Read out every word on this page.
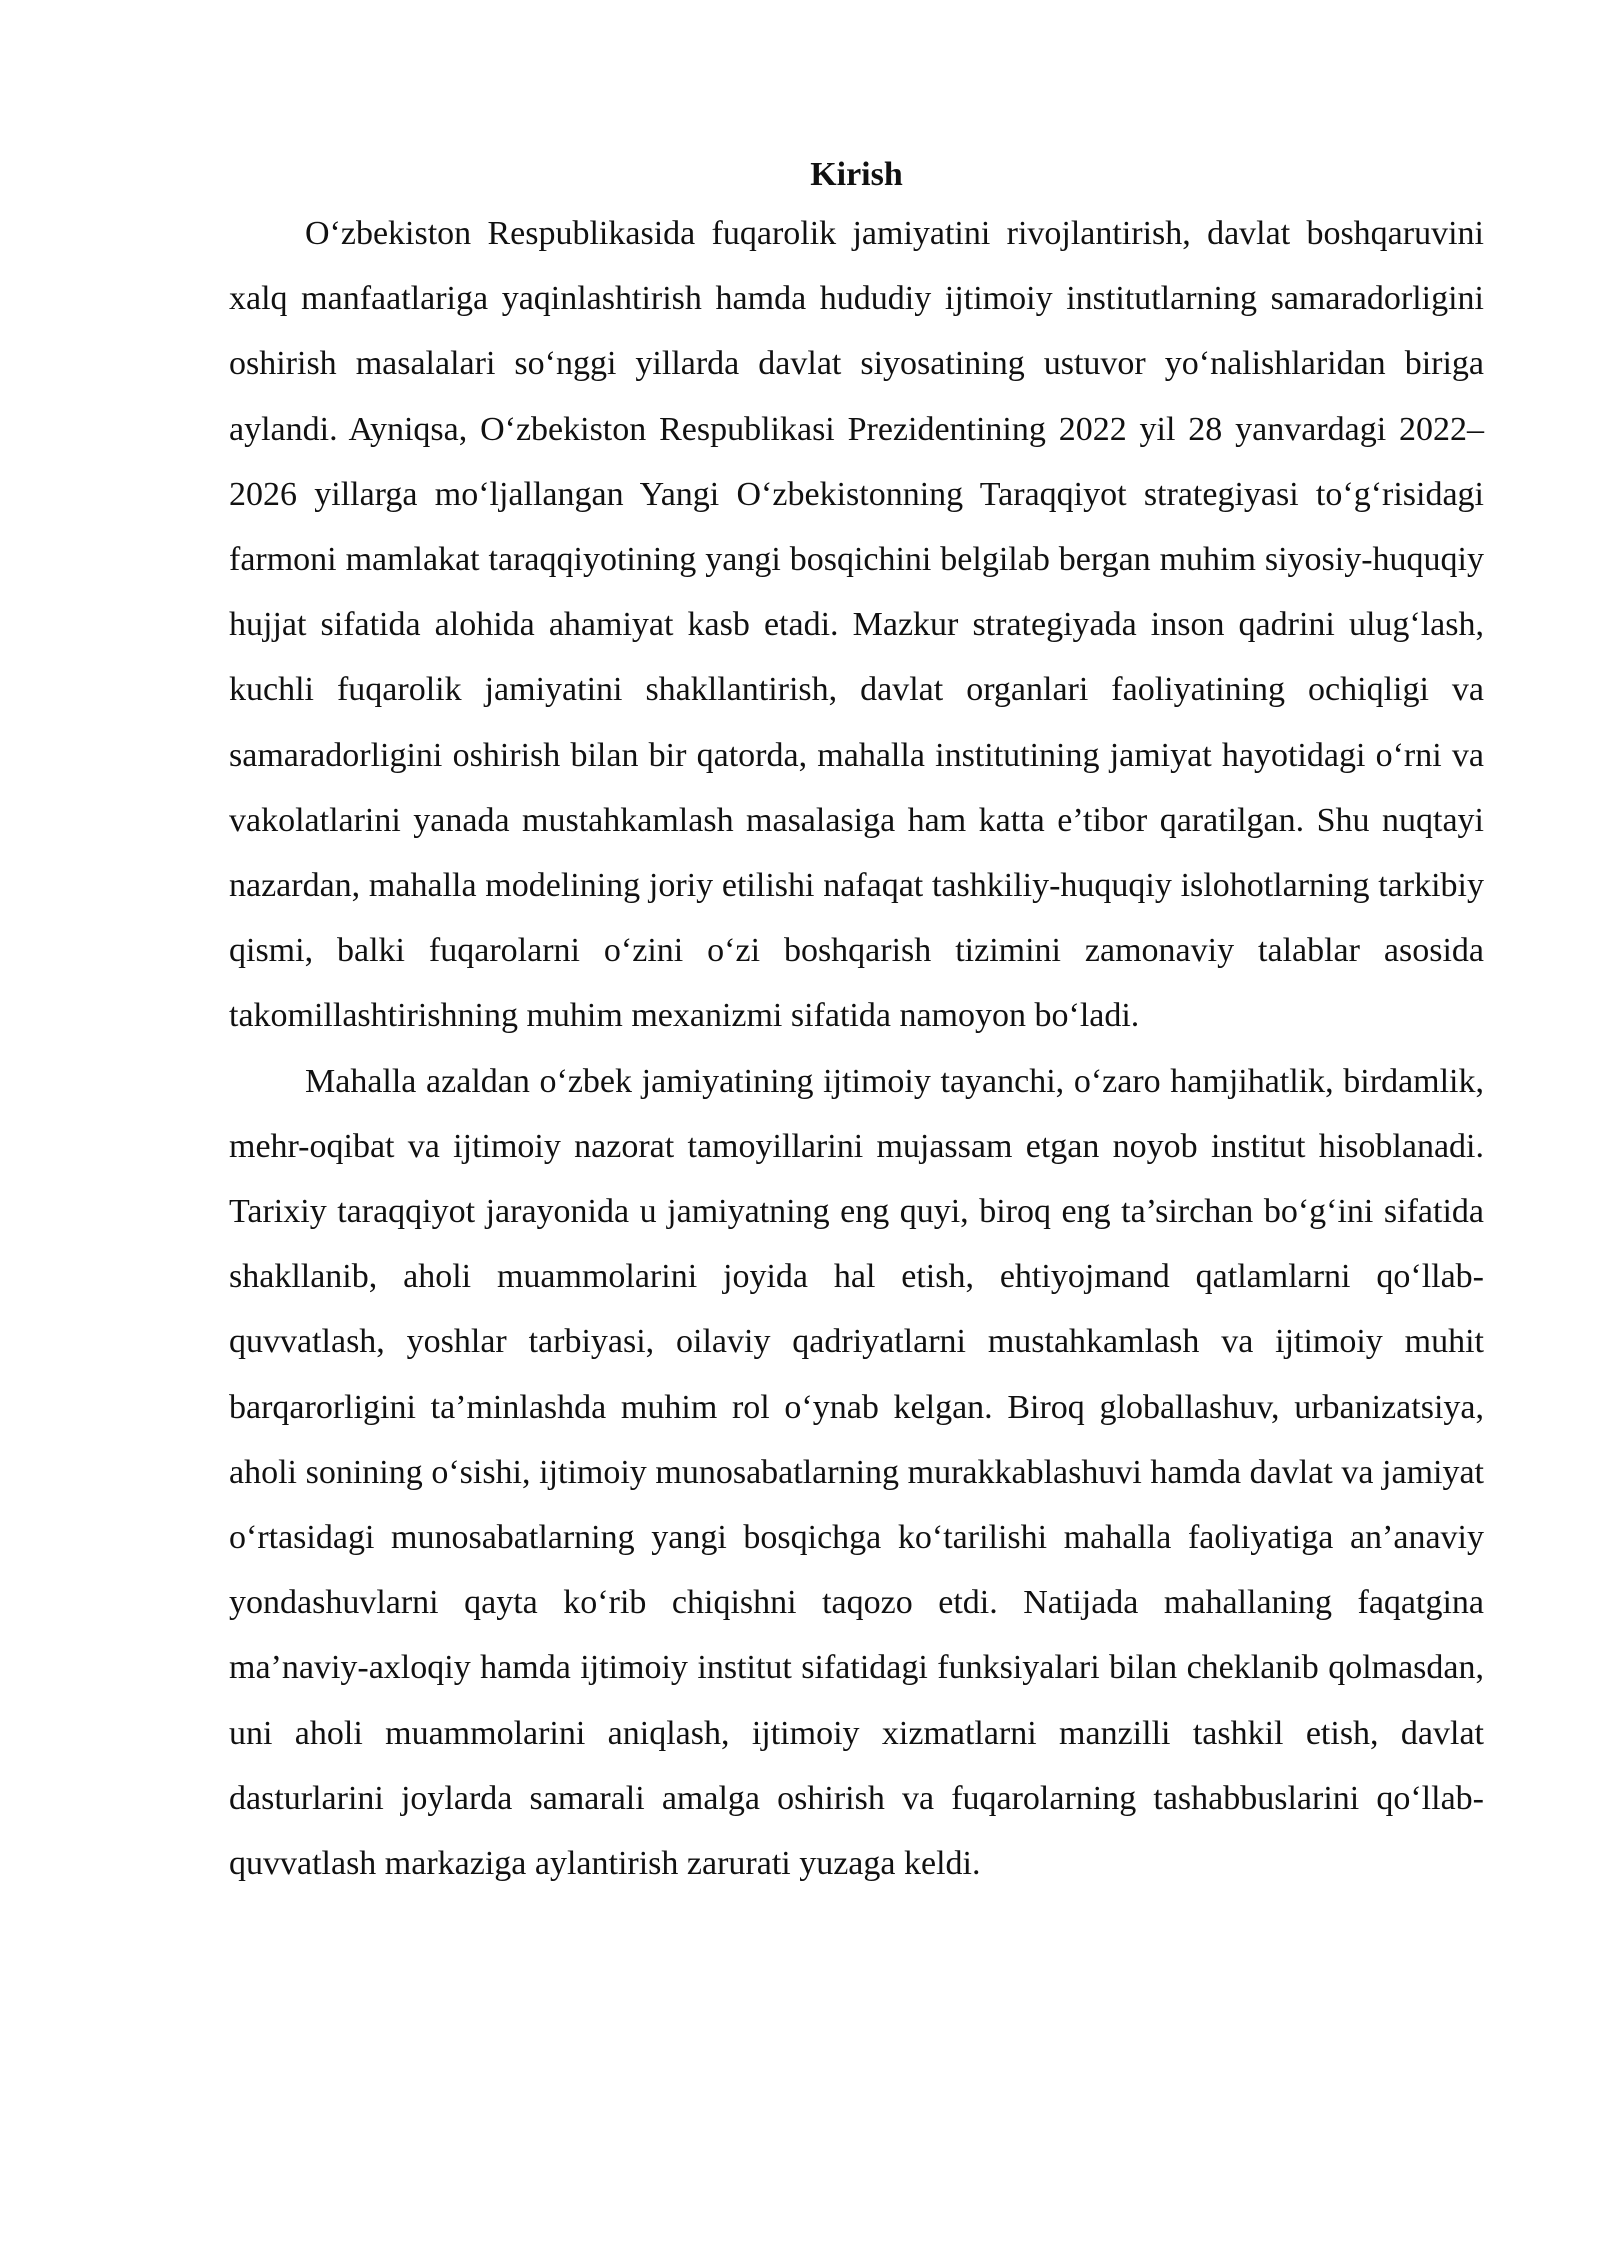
Kirish

O‘zbekiston Respublikasida fuqarolik jamiyatini rivojlantirish, davlat boshqaruvini xalq manfaatlariga yaqinlashtirish hamda hududiy ijtimoiy institutlarning samaradorligini oshirish masalalari so‘nggi yillarda davlat siyosatining ustuvor yo‘nalishlaridan biriga aylandi. Ayniqsa, O‘zbekiston Respublikasi Prezidentining 2022 yil 28 yanvardagi 2022–2026 yillarga mo‘ljallangan Yangi O‘zbekistonning Taraqqiyot strategiyasi to‘g‘risidagi farmoni mamlakat taraqqiyotining yangi bosqichini belgilab bergan muhim siyosiy-huquqiy hujjat sifatida alohida ahamiyat kasb etadi. Mazkur strategiyada inson qadrini ulug‘lash, kuchli fuqarolik jamiyatini shakllantirish, davlat organlari faoliyatining ochiqligi va samaradorligini oshirish bilan bir qatorda, mahalla institutining jamiyat hayotidagi o‘rni va vakolatlarini yanada mustahkamlash masalasiga ham katta e’tibor qaratilgan. Shu nuqtayi nazardan, mahalla modelining joriy etilishi nafaqat tashkiliy-huquqiy islohotlarning tarkibiy qismi, balki fuqarolarni o‘zini o‘zi boshqarish tizimini zamonaviy talablar asosida takomillashtirishning muhim mexanizmi sifatida namoyon bo‘ladi.

Mahalla azaldan o‘zbek jamiyatining ijtimoiy tayanchi, o‘zaro hamjihatlik, birdamlik, mehr-oqibat va ijtimoiy nazorat tamoyillarini mujassam etgan noyob institut hisoblanadi. Tarixiy taraqqiyot jarayonida u jamiyatning eng quyi, biroq eng ta’sirchan bo‘g‘ini sifatida shakllanib, aholi muammolarini joyida hal etish, ehtiyojmand qatlamlarni qo‘llab-quvvatlash, yoshlar tarbiyasi, oilaviy qadriyatlarni mustahkamlash va ijtimoiy muhit barqarorligini ta’minlashda muhim rol o‘ynab kelgan. Biroq globallashuv, urbanizatsiya, aholi sonining o‘sishi, ijtimoiy munosabatlarning murakkablashuvi hamda davlat va jamiyat o‘rtasidagi munosabatlarning yangi bosqichga ko‘tarilishi mahalla faoliyatiga an’anaviy yondashuvlarni qayta ko‘rib chiqishni taqozo etdi. Natijada mahallaning faqatgina ma’naviy-axloqiy hamda ijtimoiy institut sifatidagi funksiyalari bilan cheklanib qolmasdan, uni aholi muammolarini aniqlash, ijtimoiy xizmatlarni manzilli tashkil etish, davlat dasturlarini joylarda samarali amalga oshirish va fuqarolarning tashabbuslarini qo‘llab-quvvatlash markaziga aylantirish zarurati yuzaga keldi.
